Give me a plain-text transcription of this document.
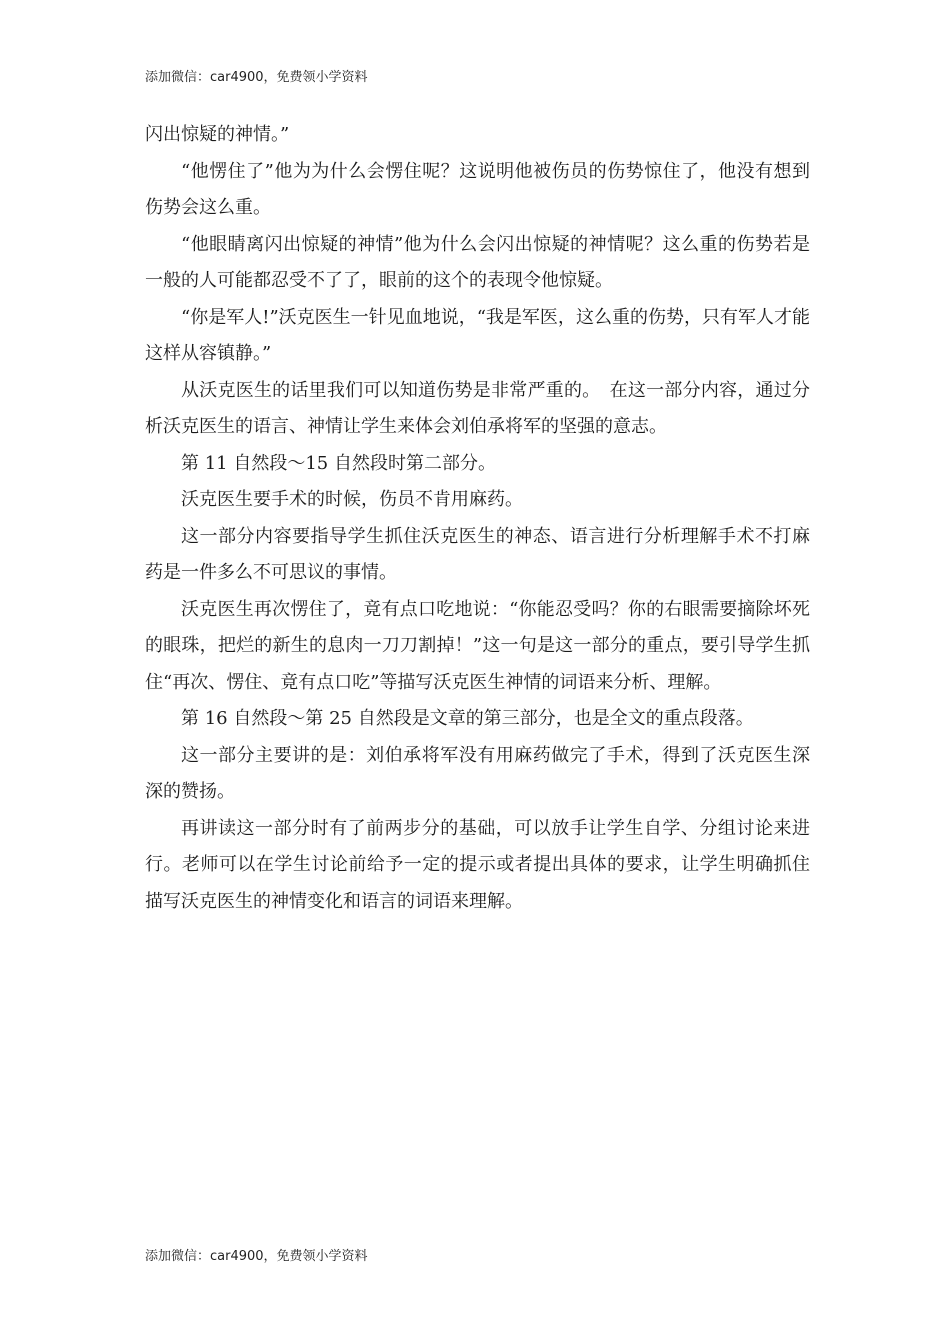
添加微信：car4900，免费领小学资料

闪出惊疑的神情。”

“他愣住了”他为为什么会愣住呢？这说明他被伤员的伤势惊住了，他没有想到伤势会这么重。

“他眼睛离闪出惊疑的神情”他为什么会闪出惊疑的神情呢？这么重的伤势若是一般的人可能都忍受不了了，眼前的这个的表现令他惊疑。

“你是军人!”沃克医生一针见血地说，“我是军医，这么重的伤势，只有军人才能这样从容镇静。”

从沃克医生的话里我们可以知道伤势是非常严重的。　在这一部分内容，通过分析沃克医生的语言、神情让学生来体会刘伯承将军的坚强的意志。

第 11 自然段～15 自然段时第二部分。

沃克医生要手术的时候，伤员不肯用麻药。

这一部分内容要指导学生抓住沃克医生的神态、语言进行分析理解手术不打麻药是一件多么不可思议的事情。

沃克医生再次愣住了，竟有点口吃地说：“你能忍受吗？你的右眼需要摘除坏死的眼珠，把烂的新生的息肉一刀刀割掉！”这一句是这一部分的重点，要引导学生抓住“再次、愣住、竟有点口吃”等描写沃克医生神情的词语来分析、理解。

第 16 自然段～第 25 自然段是文章的第三部分，也是全文的重点段落。

这一部分主要讲的是：刘伯承将军没有用麻药做完了手术，得到了沃克医生深深的赞扬。

再讲读这一部分时有了前两步分的基础，可以放手让学生自学、分组讨论来进行。老师可以在学生讨论前给予一定的提示或者提出具体的要求，让学生明确抓住描写沃克医生的神情变化和语言的词语来理解。

添加微信：car4900，免费领小学资料
